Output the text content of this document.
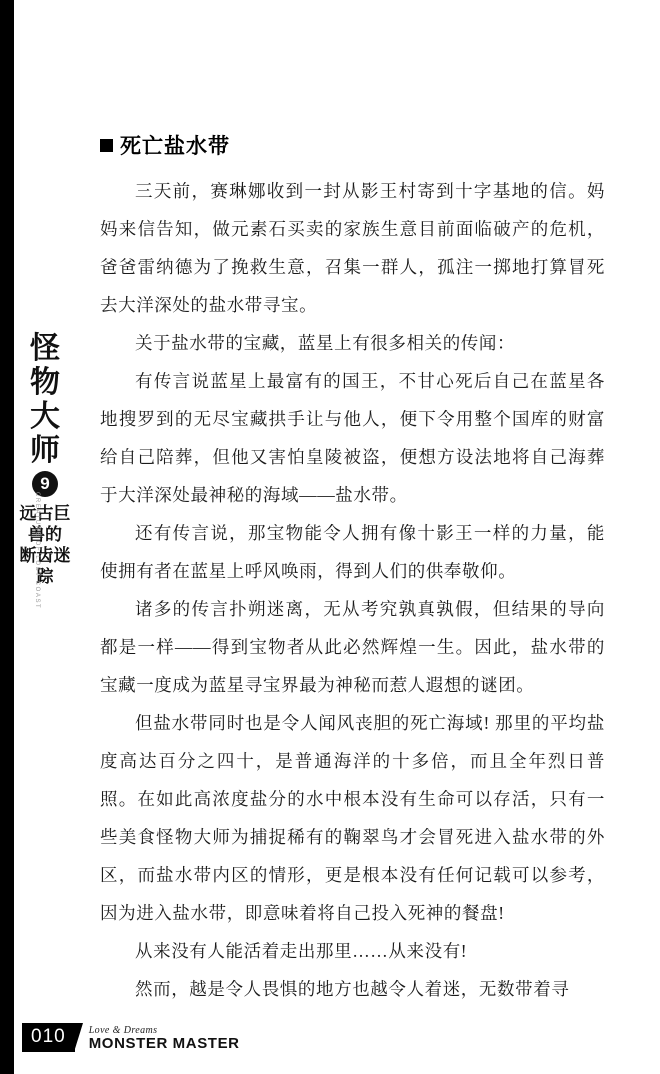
怪
物
大
师
9
远古巨兽的
断齿迷踪
CREATURE OF LOST COAST
死亡盐水带

三天前，赛琳娜收到一封从影王村寄到十字基地的信。妈妈来信告知，做元素石买卖的家族生意目前面临破产的危机，爸爸雷纳德为了挽救生意，召集一群人，孤注一掷地打算冒死去大洋深处的盐水带寻宝。

关于盐水带的宝藏，蓝星上有很多相关的传闻：

有传言说蓝星上最富有的国王，不甘心死后自己在蓝星各地搜罗到的无尽宝藏拱手让与他人，便下令用整个国库的财富给自己陪葬，但他又害怕皇陵被盗，便想方设法地将自己海葬于大洋深处最神秘的海域——盐水带。

还有传言说，那宝物能令人拥有像十影王一样的力量，能使拥有者在蓝星上呼风唤雨，得到人们的供奉敬仰。

诸多的传言扑朔迷离，无从考究孰真孰假，但结果的导向都是一样——得到宝物者从此必然辉煌一生。因此，盐水带的宝藏一度成为蓝星寻宝界最为神秘而惹人遐想的谜团。

但盐水带同时也是令人闻风丧胆的死亡海域! 那里的平均盐度高达百分之四十，是普通海洋的十多倍，而且全年烈日普照。在如此高浓度盐分的水中根本没有生命可以存活，只有一些美食怪物大师为捕捉稀有的鞠翠鸟才会冒死进入盐水带的外区，而盐水带内区的情形，更是根本没有任何记载可以参考，因为进入盐水带，即意味着将自己投入死神的餐盘!

从来没有人能活着走出那里……从来没有!

然而，越是令人畏惧的地方也越令人着迷，无数带着寻

010	Love & Dreams
MONSTER MASTER
